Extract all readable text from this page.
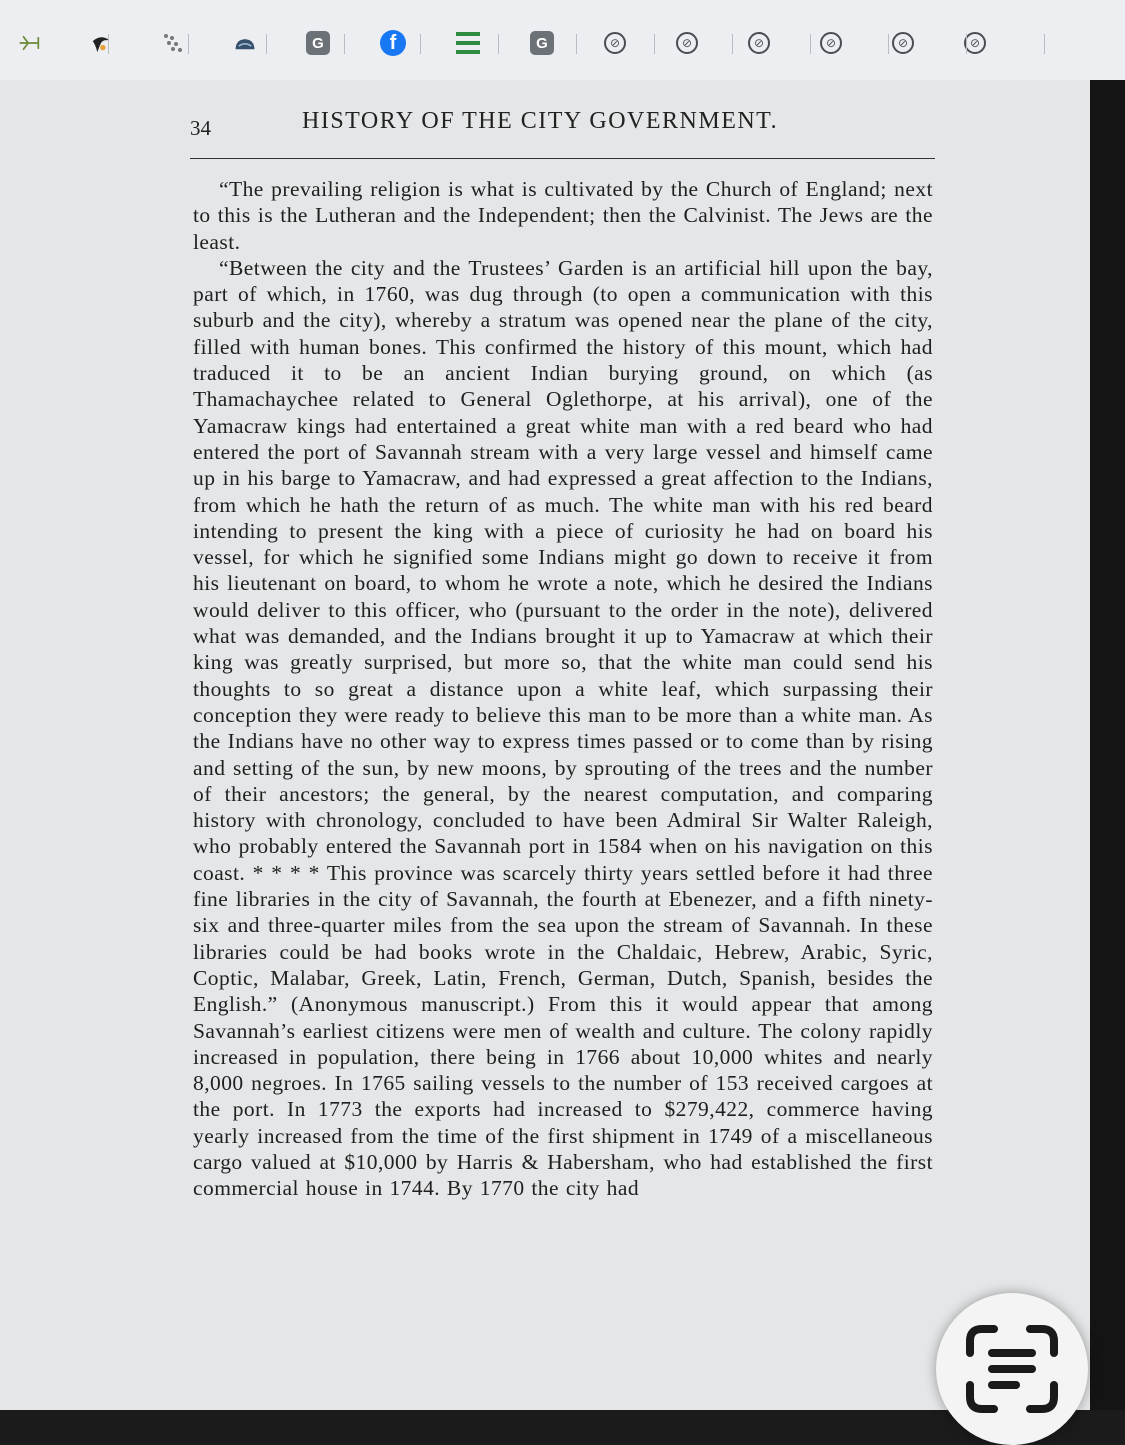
G	f	G	⊘	⊘	⊘	⊘	⊘	⊘
34	HISTORY OF THE CITY GOVERNMENT.

“The prevailing religion is what is cultivated by the Church of England; next to this is the Lutheran and the Independent; then the Calvinist. The Jews are the least.

“Between the city and the Trustees’ Garden is an artificial hill upon the bay, part of which, in 1760, was dug through (to open a communication with this suburb and the city), whereby a stratum was opened near the plane of the city, filled with human bones. This confirmed the history of this mount, which had traduced it to be an ancient Indian burying ground, on which (as Thamachaychee related to General Oglethorpe, at his arrival), one of the Yamacraw kings had entertained a great white man with a red beard who had entered the port of Savannah stream with a very large vessel and himself came up in his barge to Yamacraw, and had expressed a great affection to the Indians, from which he hath the return of as much. The white man with his red beard intending to present the king with a piece of curiosity he had on board his vessel, for which he signified some Indians might go down to receive it from his lieutenant on board, to whom he wrote a note, which he desired the Indians would deliver to this officer, who (pursuant to the order in the note), delivered what was demanded, and the Indians brought it up to Yamacraw at which their king was greatly surprised, but more so, that the white man could send his thoughts to so great a distance upon a white leaf, which surpassing their conception they were ready to believe this man to be more than a white man. As the Indians have no other way to express times passed or to come than by rising and setting of the sun, by new moons, by sprouting of the trees and the number of their ancestors; the general, by the nearest computation, and comparing history with chronology, concluded to have been Admiral Sir Walter Raleigh, who probably entered the Savannah port in 1584 when on his navigation on this coast. * * * * This province was scarcely thirty years settled before it had three fine libraries in the city of Savannah, the fourth at Ebenezer, and a fifth ninety-six and three-quarter miles from the sea upon the stream of Savannah. In these libraries could be had books wrote in the Chaldaic, Hebrew, Arabic, Syric, Coptic, Malabar, Greek, Latin, French, German, Dutch, Spanish, besides the English.” (Anonymous manuscript.) From this it would appear that among Savannah’s earliest citizens were men of wealth and culture. The colony rapidly increased in population, there being in 1766 about 10,000 whites and nearly 8,000 negroes. In 1765 sailing vessels to the number of 153 received cargoes at the port. In 1773 the exports had increased to $279,422, commerce having yearly increased from the time of the first shipment in 1749 of a miscellaneous cargo valued at $10,000 by Harris & Habersham, who had established the first commercial house in 1744. By 1770 the city had
